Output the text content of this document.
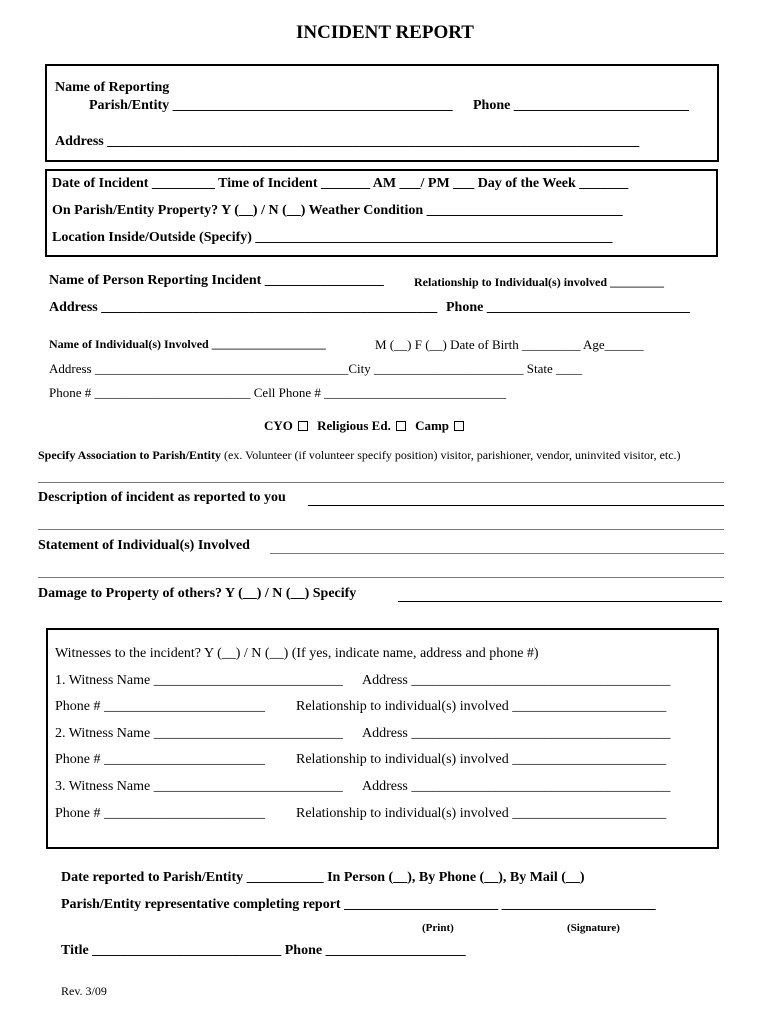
INCIDENT REPORT
Name of Reporting
Parish/Entity ________________________________________ Phone _________________________
Address ____________________________________________________________________________
Date of Incident _________ Time of Incident _______ AM ___/ PM ___ Day of the Week _______
On Parish/Entity Property? Y (__) / N (__) Weather Condition ____________________________
Location Inside/Outside (Specify) ___________________________________________________
Name of Person Reporting Incident _________________	Relationship to Individual(s) involved _________
Address ________________________________________________ Phone _____________________________
Name of Individual(s) Involved ___________________	M (__) F (__) Date of Birth _________ Age______
Address _______________________________________City _______________________ State ____
Phone # ________________________ Cell Phone # ____________________________
CYO Religious Ed. Camp
Specify Association to Parish/Entity (ex. Volunteer (if volunteer specify position) visitor, parishioner, vendor, uninvited visitor, etc.)
Description of incident as reported to you
Statement of Individual(s) Involved
Damage to Property of others? Y (__) / N (__) Specify
Witnesses to the incident? Y (__) / N (__) (If yes, indicate name, address and phone #)
1. Witness Name ___________________________ Address _____________________________________
Phone # _______________________ Relationship to individual(s) involved ______________________
2. Witness Name ___________________________ Address _____________________________________
Phone # _______________________ Relationship to individual(s) involved ______________________
3. Witness Name ___________________________ Address _____________________________________
Phone # _______________________ Relationship to individual(s) involved ______________________
Date reported to Parish/Entity ___________ In Person (__), By Phone (__), By Mail (__)
Parish/Entity representative completing report ______________________ ______________________
(Print)	(Signature)
Title ___________________________ Phone ____________________
Rev. 3/09
